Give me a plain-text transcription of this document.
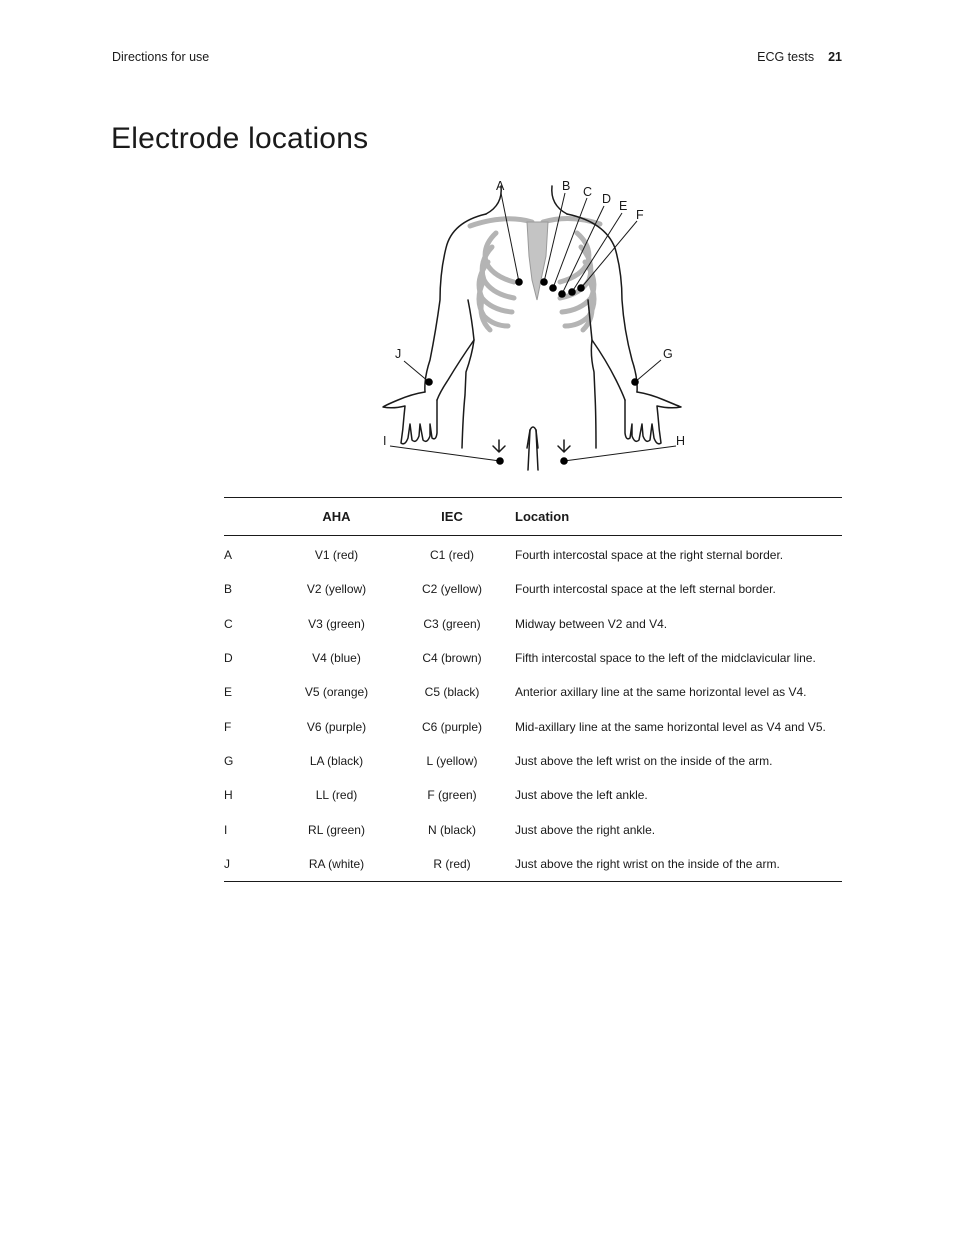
Directions for use	ECG tests 21
Electrode locations
A	B C D E
F
G
H
I
J
	AHA	IEC	Location
A	V1 (red)	C1 (red)	Fourth intercostal space at the right sternal border.
B	V2 (yellow)	C2 (yellow)	Fourth intercostal space at the left sternal border.
C	V3 (green)	C3 (green)	Midway between V2 and V4.
D	V4 (blue)	C4 (brown)	Fifth intercostal space to the left of the midclavicular line.
E	V5 (orange)	C5 (black)	Anterior axillary line at the same horizontal level as V4.
F	V6 (purple)	C6 (purple)	Mid-axillary line at the same horizontal level as V4 and V5.
G	LA (black)	L (yellow)	Just above the left wrist on the inside of the arm.
H	LL (red)	F (green)	Just above the left ankle.
I	RL (green)	N (black)	Just above the right ankle.
J	RA (white)	R (red)	Just above the right wrist on the inside of the arm.
